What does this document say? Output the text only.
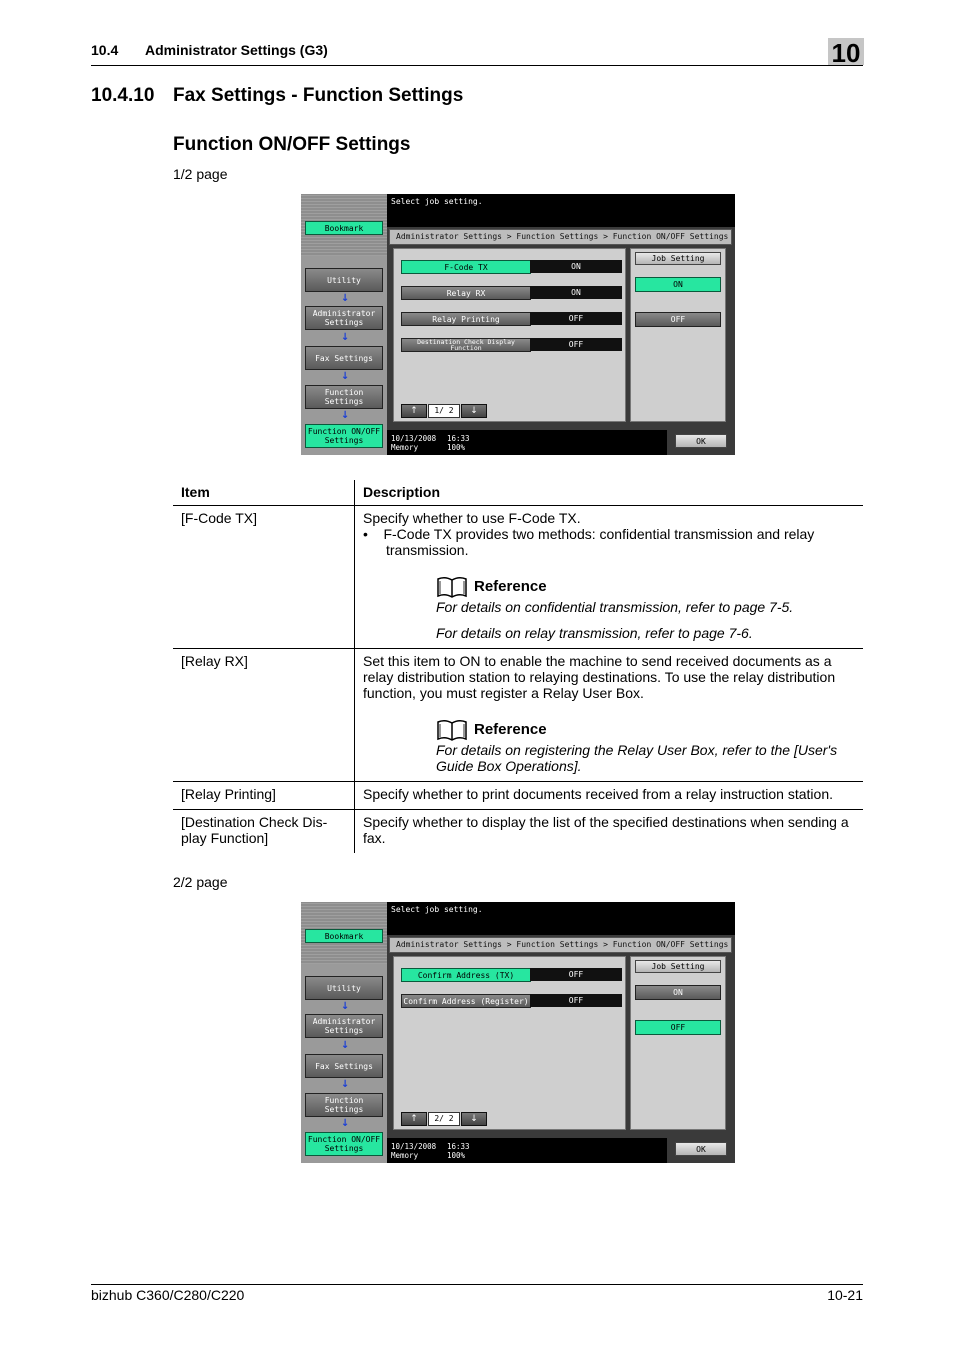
10.4 Administrator Settings (G3)	10
10.4.10 Fax Settings - Function Settings
Function ON/OFF Settings
1/2 page
Bookmark
Utility
↓
Administrator Settings
↓
Fax Settings
↓
Function Settings
↓
Function ON/OFF Settings
Select job setting.
Administrator Settings > Function Settings > Function ON/OFF Settings
F-Code TX	ON
Relay RX	ON
Relay Printing	OFF
Destination Check Display Function	OFF
↑	1/ 2	↓
Job Setting
ON
OFF
10/13/2008 16:33
Memory	100%
OK
Item	Description
[F-Code TX]	Specify whether to use F-Code TX.
•    F-Code TX provides two methods: confidential transmission and relay transmission.
Reference
For details on confidential transmission, refer to page 7-5.
For details on relay transmission, refer to page 7-6.

[Relay RX]	Set this item to ON to enable the machine to send received documents as a relay distribution station to relaying destinations. To use the relay distribution function, you must register a Relay User Box.
Reference
For details on registering the Relay User Box, refer to the [User's Guide Box Operations].

[Relay Printing]	Specify whether to print documents received from a relay instruction station.
[Destination Check Dis-play Function]	Specify whether to display the list of the specified destinations when sending a fax.
2/2 page
Bookmark
Utility
↓
Administrator Settings
↓
Fax Settings
↓
Function Settings
↓
Function ON/OFF Settings
Select job setting.
Administrator Settings > Function Settings > Function ON/OFF Settings
Confirm Address (TX)	OFF
Confirm Address (Register)	OFF
↑	2/ 2	↓
Job Setting
ON
OFF
10/13/2008 16:33
Memory	100%
OK
bizhub C360/C280/C220	10-21
